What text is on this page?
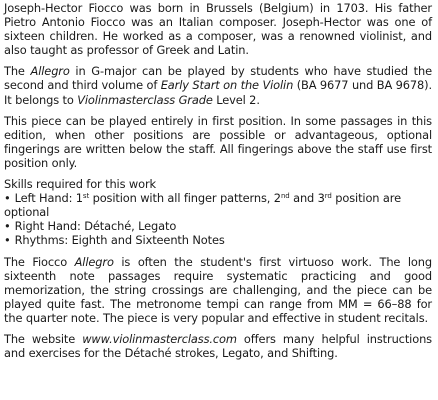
Joseph-Hector Fiocco was born in Brussels (Belgium) in 1703. His father Pietro Antonio Fiocco was an Italian composer. Joseph-Hector was one of sixteen children. He worked as a composer, was a renowned violinist, and also taught as professor of Greek and Latin.

The Allegro in G-major can be played by students who have studied the second and third volume of Early Start on the Violin (BA 9677 und BA 9678). It belongs to Violinmasterclass Grade Level 2.

This piece can be played entirely in first position. In some passages in this edition, when other positions are possible or advantageous, optional fingerings are written below the staff. All fingerings above the staff use first position only.

Skills required for this work

• Left Hand: 1st position with all finger patterns, 2nd and 3rd position are optional
• Right Hand: Détaché, Legato
• Rhythms: Eighth and Sixteenth Notes

The Fiocco Allegro is often the student's first virtuoso work. The long sixteenth note passages require systematic practicing and good memorization, the string crossings are challenging, and the piece can be played quite fast. The metronome tempi can range from MM = 66–88 for the quarter note. The piece is very popular and effective in student recitals.

The website www.violinmasterclass.com offers many helpful instructions and exercises for the Détaché strokes, Legato, and Shifting.
